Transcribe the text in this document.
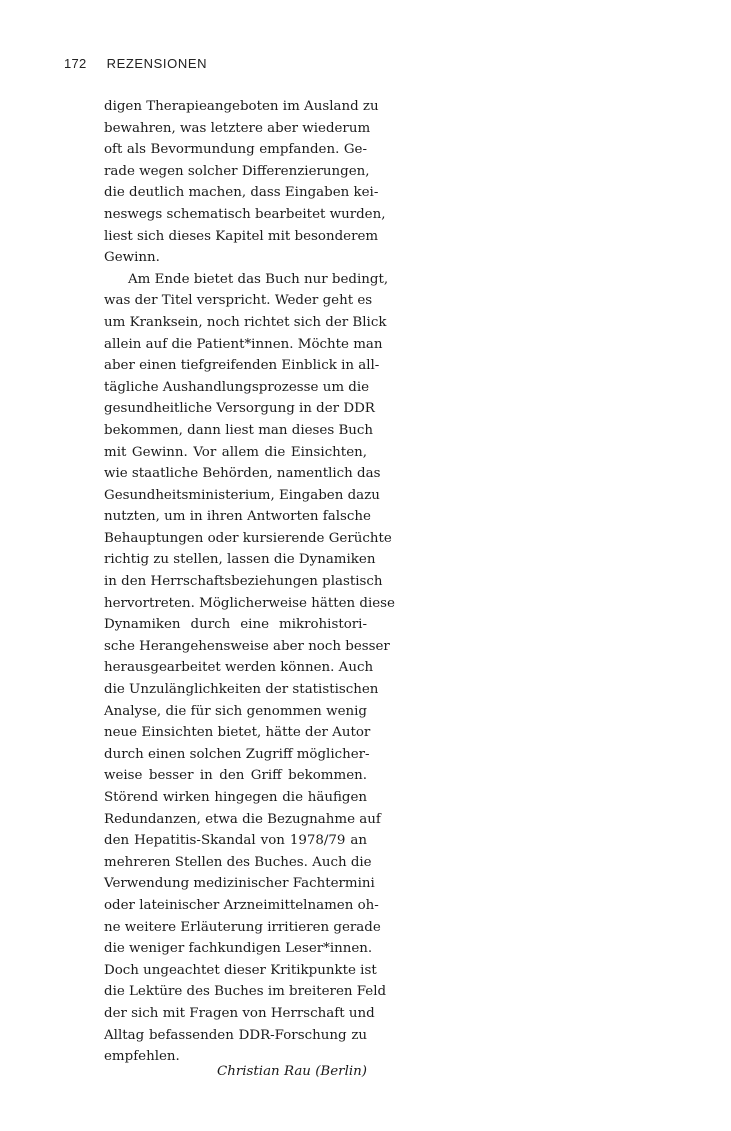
172 REZENSIONEN

digen Therapieangeboten im Ausland zu
bewahren, was letztere aber wiederum
oft als Bevormundung empfanden. Ge-
rade wegen solcher Differenzierungen,
die deutlich machen, dass Eingaben kei-
neswegs schematisch bearbeitet wurden,
liest sich dieses Kapitel mit besonderem
Gewinn.

Am Ende bietet das Buch nur bedingt,
was der Titel verspricht. Weder geht es
um Kranksein, noch richtet sich der Blick
allein auf die Patient*innen. Möchte man
aber einen tiefgreifenden Einblick in all-
tägliche Aushandlungsprozesse um die
gesundheitliche Versorgung in der DDR
bekommen, dann liest man dieses Buch
mit Gewinn. Vor allem die Einsichten,
wie staatliche Behörden, namentlich das
Gesundheitsministerium, Eingaben dazu
nutzten, um in ihren Antworten falsche
Behauptungen oder kursierende Gerüchte
richtig zu stellen, lassen die Dynamiken
in den Herrschaftsbeziehungen plastisch
hervortreten. Möglicherweise hätten diese
Dynamiken durch eine mikrohistori-
sche Herangehensweise aber noch besser
herausgearbeitet werden können. Auch
die Unzulänglichkeiten der statistischen
Analyse, die für sich genommen wenig
neue Einsichten bietet, hätte der Autor
durch einen solchen Zugriff möglicher-
weise besser in den Griff bekommen.
Störend wirken hingegen die häufigen
Redundanzen, etwa die Bezugnahme auf
den Hepatitis-Skandal von 1978/79 an
mehreren Stellen des Buches. Auch die
Verwendung medizinischer Fachtermini
oder lateinischer Arzneimittelnamen oh-
ne weitere Erläuterung irritieren gerade
die weniger fachkundigen Leser*innen.
Doch ungeachtet dieser Kritikpunkte ist
die Lektüre des Buches im breiteren Feld
der sich mit Fragen von Herrschaft und
Alltag befassenden DDR-Forschung zu
empfehlen.

Christian Rau (Berlin)
